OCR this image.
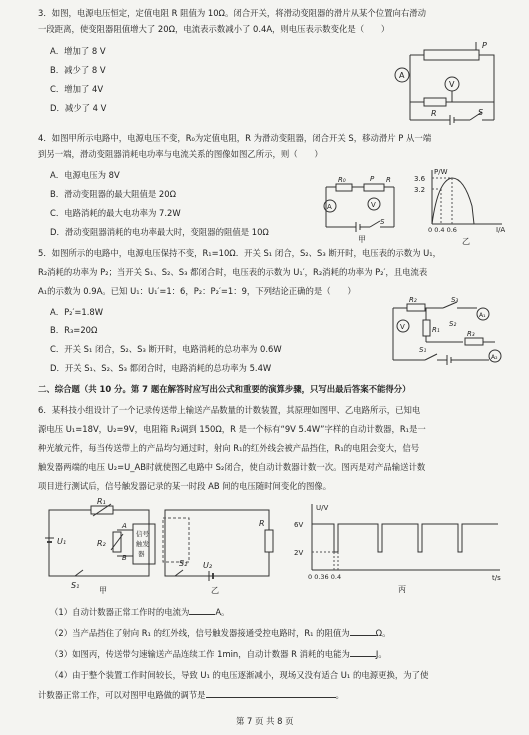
3．如图，电源电压恒定，定值电阻 R 阻值为 10Ω。闭合开关，将滑动变阻器的滑片从某个位置向右滑动
一段距离，使变阻器阻值增大了 20Ω，电流表示数减小了 0.4A，则电压表示数变化是（　　）
A．增加了 8 V
B．减少了 8 V
C．增加了 4V
D．减少了 4 V
P
A
V
R	S
4．如图甲所示电路中，电源电压不变，R₀为定值电阻，R 为滑动变阻器，闭合开关 S，移动滑片 P 从一端
到另一端，滑动变阻器消耗电功率与电流关系的图像如图乙所示，则（　　）
A．电源电压为 8V
B．滑动变阻器的最大阻值是 20Ω
C．电路消耗的最大电功率为 7.2W
D．滑动变阻器消耗的电功率最大时，变阻器的阻值是 10Ω
R₀	P R
A	V
S
甲
P/W
I/A
3.6
3.2
0 0.4 0.6
乙
5．如图所示的电路中，电源电压保持不变，R₁=10Ω．开关 S₁ 闭合，S₂、S₃ 断开时，电压表的示数为 U₁，
R₂消耗的功率为 P₂；当开关 S₁、S₂、S₃ 都闭合时，电压表的示数为 U₁′，R₂消耗的功率为 P₂′，且电流表
A₁的示数为 0.9A。已知 U₁：U₁′=1：6，P₂：P₂′=1：9，下列结论正确的是（　　）
A．P₂′=1.8W
B．R₃=20Ω
C．开关 S₁ 闭合，S₂、S₃ 断开时，电路消耗的总功率为 0.6W
D．开关 S₁、S₂、S₃ 都闭合时，电路消耗的总功率为 5.4W
R₂	S₃
A₁
V	R₁
S₂
R₃
A₂
S₁
二、综合题（共 10 分。第 7 题在解答时应写出公式和重要的演算步骤，只写出最后答案不能得分）
6．某科技小组设计了一个记录传送带上输送产品数量的计数装置，其原理如图甲、乙电路所示，已知电
源电压 U₁=18V，U₂=9V，电阻箱 R₂调到 150Ω，R 是一个标有“9V 5.4W”字样的自动计数器，R₁是一
种光敏元件，每当传送带上的产品均匀通过时，射向 R₁的红外线会被产品挡住，R₁的电阻会变大，信号
触发器两端的电压 U₂=U_AB时就使图乙电路中 S₂闭合，使自动计数器计数一次。图丙是对产品输送计数
项目进行测试后，信号触发器记录的某一时段 AB 间的电压随时间变化的图像。
R₁
U₁	R₂
A
B
信号
触发
器
S₁
甲
S₂ U₂
R
乙
U/V
t/s
6V
2V
0 0.36 0.4
丙
（1）自动计数器正常工作时的电流为	A。
（2）当产品挡住了射向 R₁ 的红外线，信号触发器接通受控电路时，R₁ 的阻值为	Ω。
（3）如图丙，传送带匀速输送产品连续工作 1min，自动计数器 R 消耗的电能为	J。
（4）由于整个装置工作时间较长，导致 U₁ 的电压逐渐减小，现场又没有适合 U₁ 的电源更换，为了使
计数器正常工作，可以对图甲电路做的调节是	。
第 7 页 共 8 页
